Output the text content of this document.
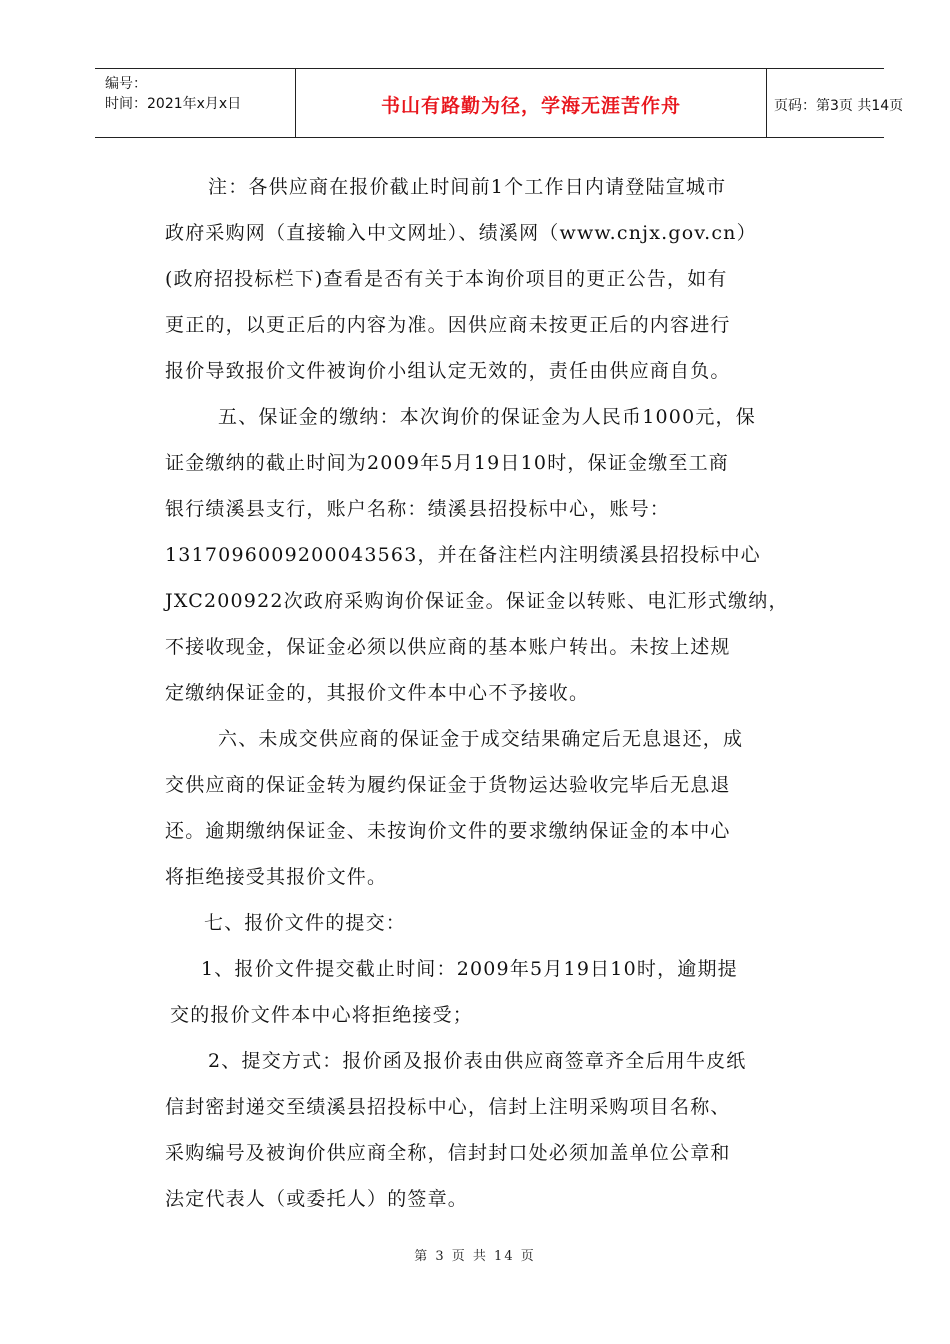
编号：
时间：2021年x月x日	书山有路勤为径，学海无涯苦作舟	页码：第3页 共14页
注：各供应商在报价截止时间前1个工作日内请登陆宣城市
政府采购网（直接输入中文网址）、绩溪网（www.cnjx.gov.cn）
(政府招投标栏下)查看是否有关于本询价项目的更正公告，如有
更正的，以更正后的内容为准。因供应商未按更正后的内容进行
报价导致报价文件被询价小组认定无效的，责任由供应商自负。
五、保证金的缴纳：本次询价的保证金为人民币1000元，保
证金缴纳的截止时间为2009年5月19日10时，保证金缴至工商
银行绩溪县支行，账户名称：绩溪县招投标中心，账号：
1317096009200043563，并在备注栏内注明绩溪县招投标中心
JXC200922次政府采购询价保证金。保证金以转账、电汇形式缴纳，
不接收现金，保证金必须以供应商的基本账户转出。未按上述规
定缴纳保证金的，其报价文件本中心不予接收。
六、未成交供应商的保证金于成交结果确定后无息退还，成
交供应商的保证金转为履约保证金于货物运达验收完毕后无息退
还。逾期缴纳保证金、未按询价文件的要求缴纳保证金的本中心
将拒绝接受其报价文件。
七、报价文件的提交：
1、报价文件提交截止时间：2009年5月19日10时，逾期提
交的报价文件本中心将拒绝接受；
2、提交方式：报价函及报价表由供应商签章齐全后用牛皮纸
信封密封递交至绩溪县招投标中心，信封上注明采购项目名称、
采购编号及被询价供应商全称，信封封口处必须加盖单位公章和
法定代表人（或委托人）的签章。
第 3 页 共 14 页
